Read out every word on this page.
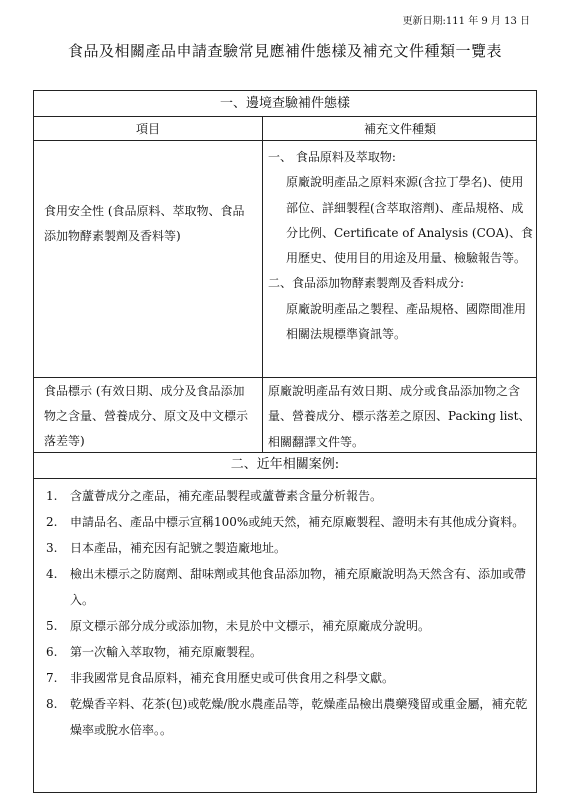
更新日期:111 年 9 月 13 日
食品及相關產品申請查驗常見應補件態樣及補充文件種類一覽表
一、邊境查驗補件態樣
項目	補充文件種類
食用安全性 (食品原料、萃取物、食品添加物酵素製劑及香料等)
一、 食品原料及萃取物:
原廠說明產品之原料來源(含拉丁學名)、使用部位、詳細製程(含萃取溶劑)、產品規格、成分比例、Certificate of Analysis (COA)、食用歷史、使用目的用途及用量、檢驗報告等。
二、食品添加物酵素製劑及香料成分:
原廠說明產品之製程、產品規格、國際間准用相關法規標準資訊等。
食品標示 (有效日期、成分及食品添加物之含量、營養成分、原文及中文標示落差等)
原廠說明產品有效日期、成分或食品添加物之含量、營養成分、標示落差之原因、Packing list、相關翻譯文件等。
二、近年相關案例:
1. 含蘆薈成分之產品，補充產品製程或蘆薈素含量分析報告。
2. 申請品名、產品中標示宣稱100%或純天然，補充原廠製程、證明未有其他成分資料。
3. 日本產品，補充因有記號之製造廠地址。
4. 檢出未標示之防腐劑、甜味劑或其他食品添加物，補充原廠說明為天然含有、添加或帶入。
5. 原文標示部分成分或添加物，未見於中文標示，補充原廠成分說明。
6. 第一次輸入萃取物，補充原廠製程。
7. 非我國常見食品原料，補充食用歷史或可供食用之科學文獻。
8. 乾燥香辛料、花茶(包)或乾燥/脫水農產品等，乾燥產品檢出農藥殘留或重金屬，補充乾燥率或脫水倍率。。
